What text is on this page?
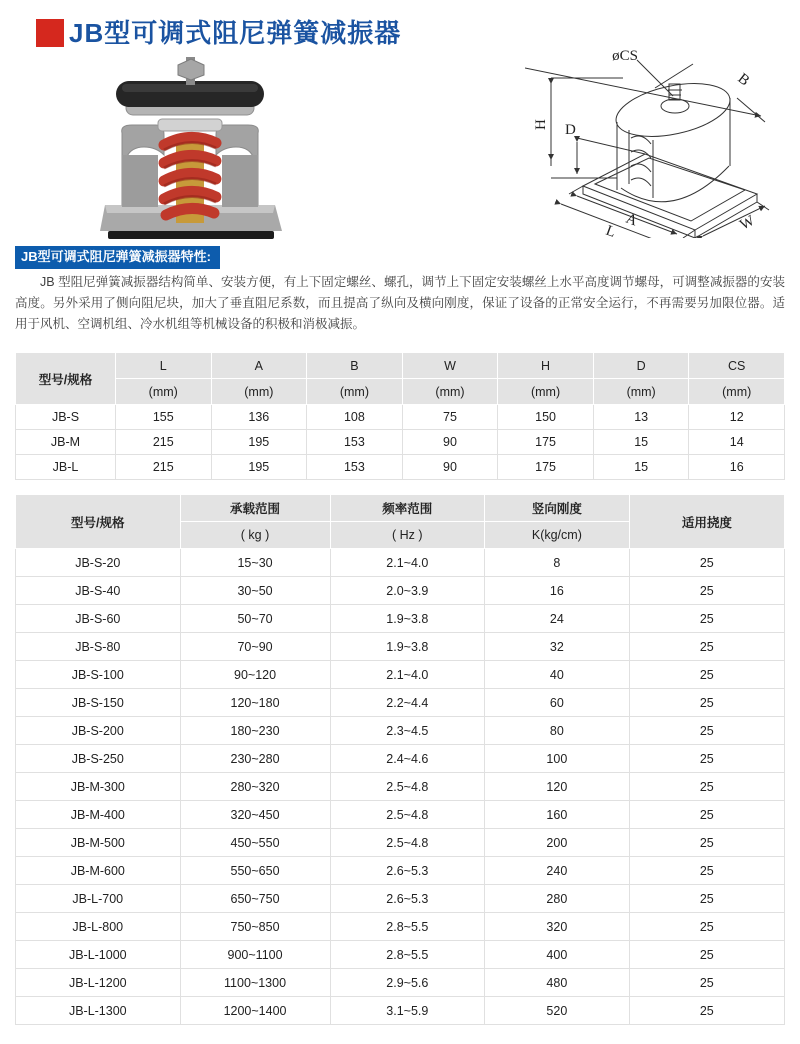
JB型可调式阻尼弹簧减振器
øCS
B
H D
A
L	W
JB型可调式阻尼弹簧减振器特性:

JB 型阻尼弹簧减振器结构简单、安装方便，有上下固定螺丝、螺孔，调节上下固定安装螺丝上水平高度调节螺母，可调整减振器的安装高度。另外采用了侧向阻尼块，加大了垂直阻尼系数，而且提高了纵向及横向刚度，保证了设备的正常安全运行，不再需要另加限位器。适用于风机、空调机组、冷水机组等机械设备的积极和消极减振。

型号/规格	L	A	B	W	H	D	CS
	(mm)	(mm)	(mm)	(mm)	(mm)	(mm)	(mm)
JB-S	155	136	108	75	150	13	12
JB-M	215	195	153	90	175	15	14
JB-L	215	195	153	90	175	15	16
型号/规格	承载范围	频率范围	竖向刚度	适用挠度
	( kg )	( Hz )	K(kg/cm)	
JB-S-20	15~30	2.1~4.0	8	25
JB-S-40	30~50	2.0~3.9	16	25
JB-S-60	50~70	1.9~3.8	24	25
JB-S-80	70~90	1.9~3.8	32	25
JB-S-100	90~120	2.1~4.0	40	25
JB-S-150	120~180	2.2~4.4	60	25
JB-S-200	180~230	2.3~4.5	80	25
JB-S-250	230~280	2.4~4.6	100	25
JB-M-300	280~320	2.5~4.8	120	25
JB-M-400	320~450	2.5~4.8	160	25
JB-M-500	450~550	2.5~4.8	200	25
JB-M-600	550~650	2.6~5.3	240	25
JB-L-700	650~750	2.6~5.3	280	25
JB-L-800	750~850	2.8~5.5	320	25
JB-L-1000	900~1100	2.8~5.5	400	25
JB-L-1200	1100~1300	2.9~5.6	480	25
JB-L-1300	1200~1400	3.1~5.9	520	25
